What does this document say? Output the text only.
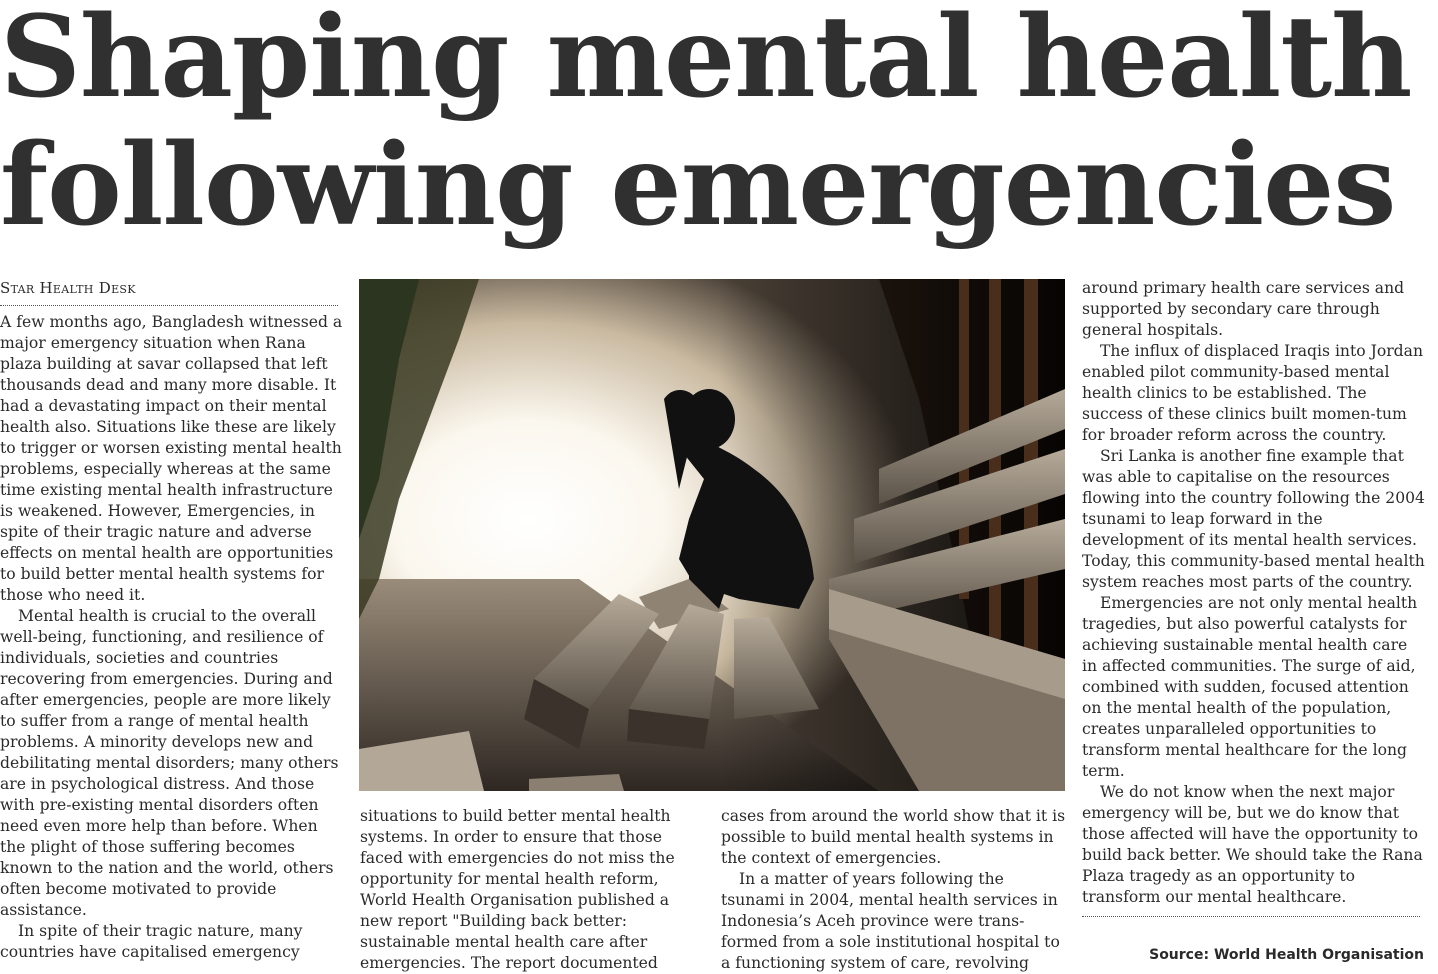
Shaping mental health
following emergencies
Star Health Desk

A few months ago, Bangladesh witnessed a major emergency situation when Rana plaza building at savar collapsed that left thousands dead and many more disable. It had a devastating impact on their mental health also. Situations like these are likely to trigger or worsen existing mental health problems, especially whereas at the same time existing mental health infrastructure is weakened. However, Emergencies, in spite of their tragic nature and adverse effects on mental health are opportunities to build better mental health systems for those who need it.

Mental health is crucial to the overall well-being, functioning, and resilience of individuals, societies and countries recovering from emergencies. During and after emergencies, people are more likely to suffer from a range of mental health problems. A minority develops new and debilitating mental disorders; many others are in psychological distress. And those with pre-existing mental disorders often need even more help than before. When the plight of those suffering becomes known to the nation and the world, others often become motivated to provide assistance.

In spite of their tragic nature, many countries have capitalised emergency

situations to build better mental health systems. In order to ensure that those faced with emergencies do not miss the opportunity for mental health reform, World Health Organisation published a new report "Building back better: sustainable mental health care after emergencies. The report documented

cases from around the world show that it is possible to build mental health systems in the context of emergencies.

In a matter of years following the tsunami in 2004, mental health services in Indonesia’s Aceh province were trans-formed from a sole institutional hospital to a functioning system of care, revolving

around primary health care services and supported by secondary care through general hospitals.

The influx of displaced Iraqis into Jordan enabled pilot community-based mental health clinics to be established. The success of these clinics built momen-tum for broader reform across the country.

Sri Lanka is another fine example that was able to capitalise on the resources flowing into the country following the 2004 tsunami to leap forward in the development of its mental health services. Today, this community-based mental health system reaches most parts of the country.

Emergencies are not only mental health tragedies, but also powerful catalysts for achieving sustainable mental health care in affected communities. The surge of aid, combined with sudden, focused attention on the mental health of the population, creates unparalleled opportunities to transform mental healthcare for the long term.

We do not know when the next major emergency will be, but we do know that those affected will have the opportunity to build back better. We should take the Rana Plaza tragedy as an opportunity to transform our mental healthcare.

Source: World Health Organisation
